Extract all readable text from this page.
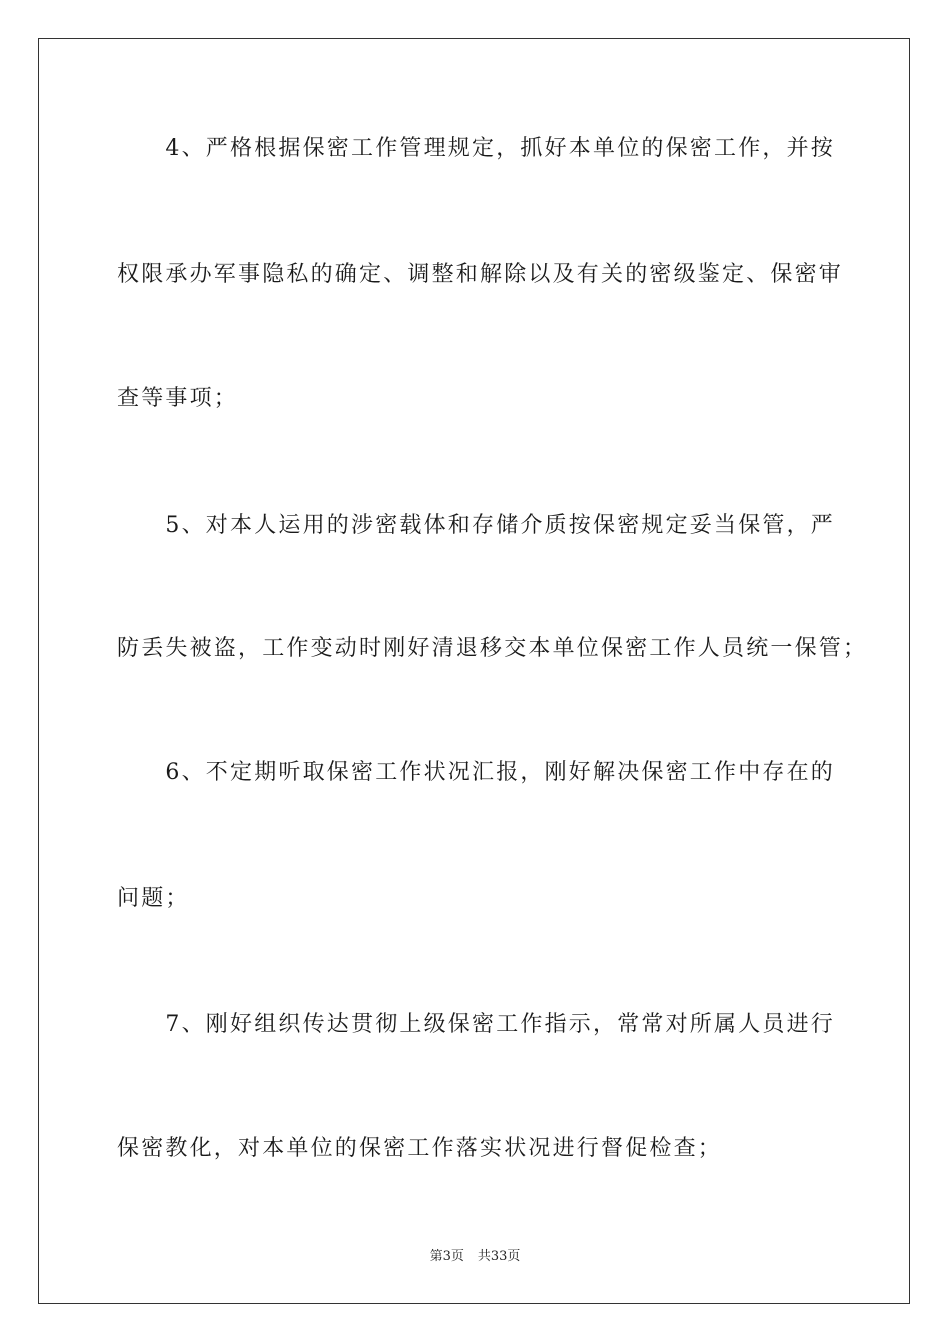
　　4、严格根据保密工作管理规定，抓好本单位的保密工作，并按
权限承办军事隐私的确定、调整和解除以及有关的密级鉴定、保密审
查等事项；
　　5、对本人运用的涉密载体和存储介质按保密规定妥当保管，严
防丢失被盗，工作变动时刚好清退移交本单位保密工作人员统一保管；
　　6、不定期听取保密工作状况汇报，刚好解决保密工作中存在的
问题；
　　7、刚好组织传达贯彻上级保密工作指示，常常对所属人员进行
保密教化，对本单位的保密工作落实状况进行督促检查；
第3页 共33页
